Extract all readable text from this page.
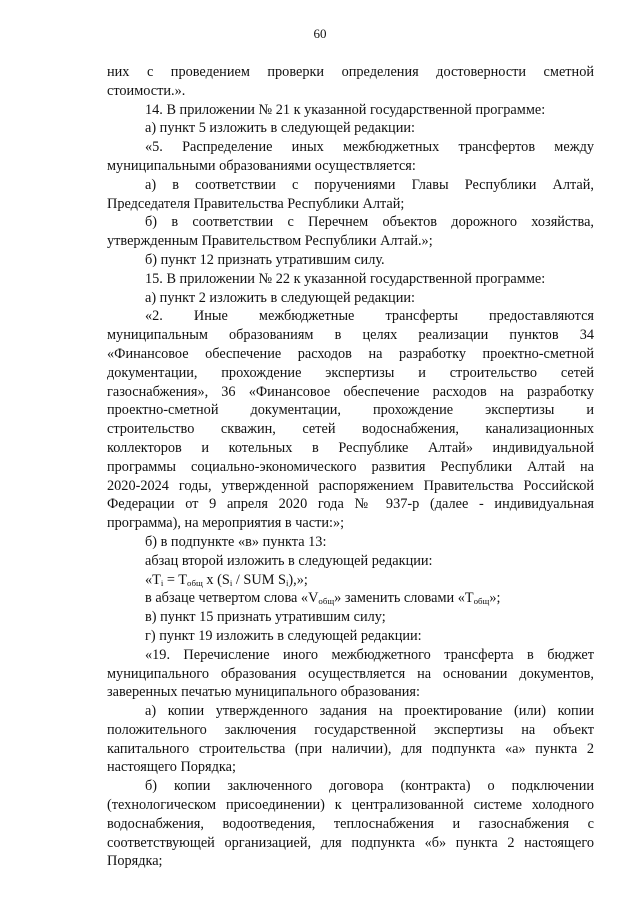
60
них с проведением проверки определения достоверности сметной
стоимости.».
14. В приложении № 21 к указанной государственной программе:
а) пункт 5 изложить в следующей редакции:
«5. Распределение иных межбюджетных трансфертов между
муниципальными образованиями осуществляется:
а) в соответствии с поручениями Главы Республики Алтай,
Председателя Правительства Республики Алтай;
б) в соответствии с Перечнем объектов дорожного хозяйства,
утвержденным Правительством Республики Алтай.»;
б) пункт 12 признать утратившим силу.
15. В приложении № 22 к указанной государственной программе:
а) пункт 2 изложить в следующей редакции:
«2. Иные межбюджетные трансферты предоставляются
муниципальным образованиям в целях реализации пунктов 34
«Финансовое обеспечение расходов на разработку проектно-сметной
документации, прохождение экспертизы и строительство сетей
газоснабжения», 36 «Финансовое обеспечение расходов на разработку
проектно-сметной документации, прохождение экспертизы и
строительство скважин, сетей водоснабжения, канализационных
коллекторов и котельных в Республике Алтай» индивидуальной
программы социально-экономического развития Республики Алтай на
2020-2024 годы, утвержденной распоряжением Правительства Российской
Федерации от 9 апреля 2020 года № 937-р (далее - индивидуальная
программа), на мероприятия в части:»;
б) в подпункте «в» пункта 13:
абзац второй изложить в следующей редакции:
«$T_i = T_{общ}$ x ($S_i$ / SUM $S_i$),»;
в абзаце четвертом слова «$V_{общ}$» заменить словами «$T_{общ}$»;
в) пункт 15 признать утратившим силу;
г) пункт 19 изложить в следующей редакции:
«19. Перечисление иного межбюджетного трансферта в бюджет
муниципального образования осуществляется на основании документов,
заверенных печатью муниципального образования:
а) копии утвержденного задания на проектирование (или) копии
положительного заключения государственной экспертизы на объект
капитального строительства (при наличии), для подпункта «а» пункта 2
настоящего Порядка;
б) копии заключенного договора (контракта) о подключении
(технологическом присоединении) к централизованной системе холодного
водоснабжения, водоотведения, теплоснабжения и газоснабжения с
соответствующей организацией, для подпункта «б» пункта 2 настоящего
Порядка;
